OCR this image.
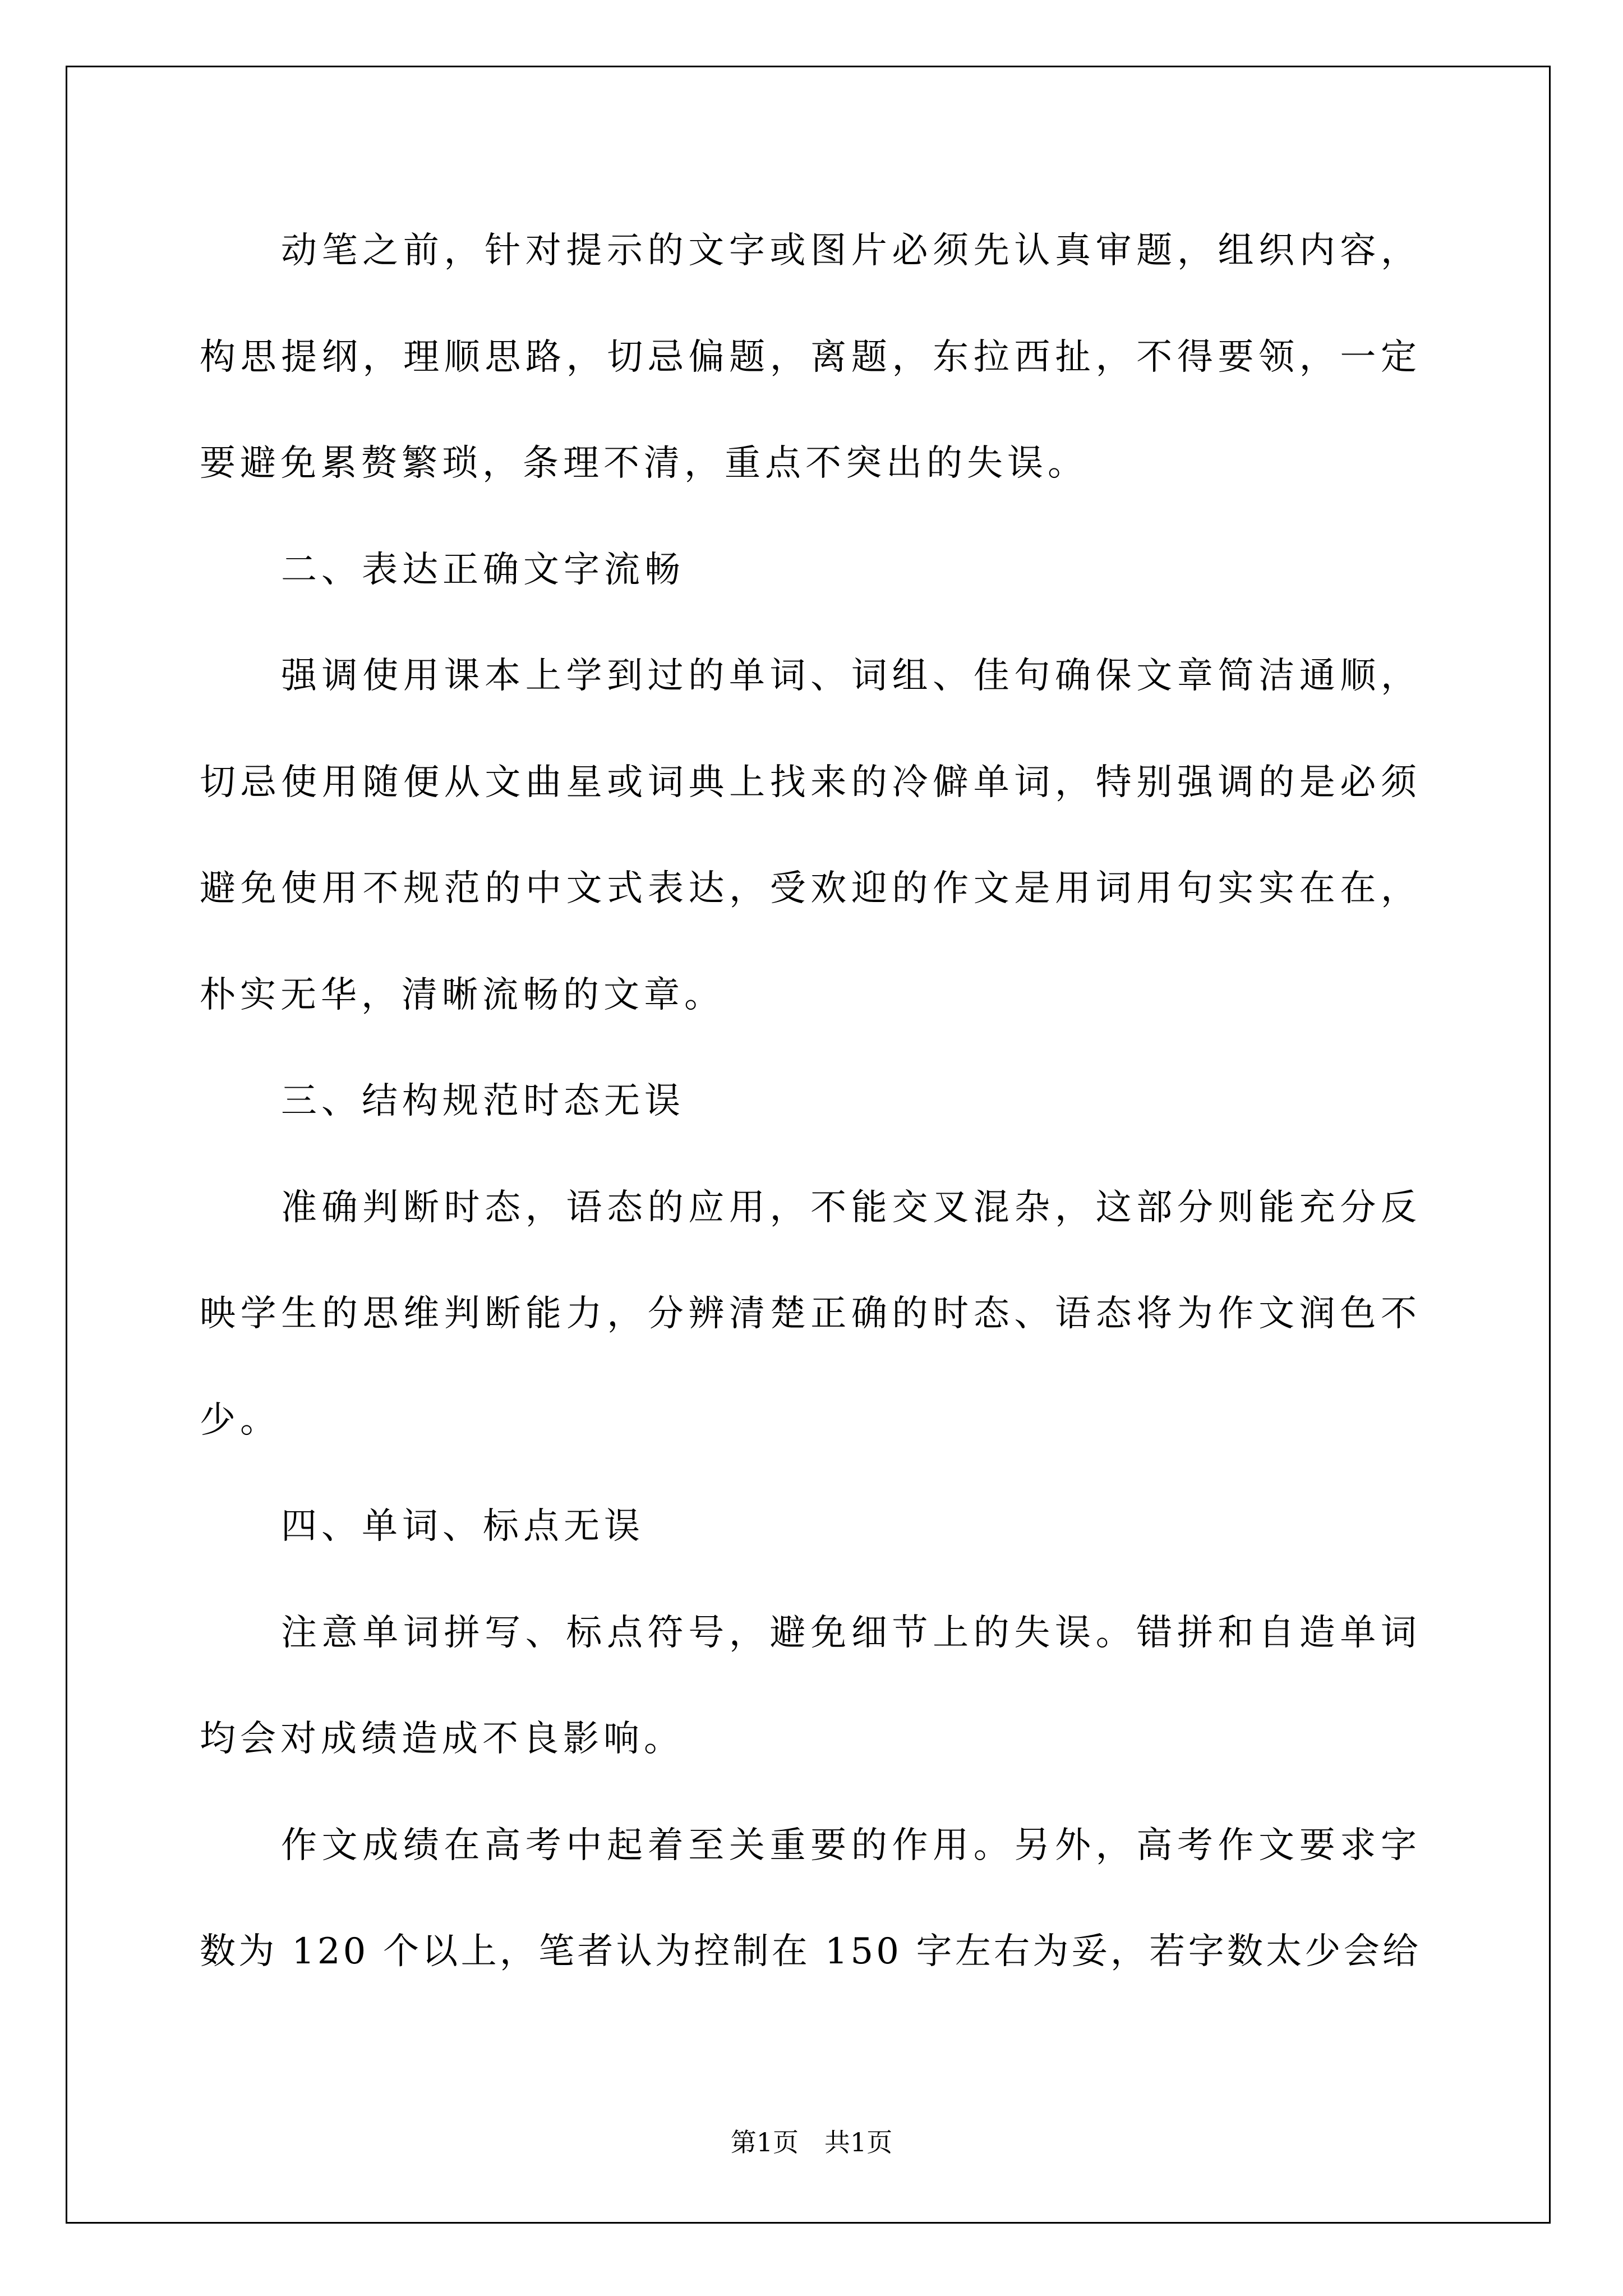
动笔之前，针对提示的文字或图片必须先认真审题，组织内容，
构思提纲，理顺思路，切忌偏题，离题，东拉西扯，不得要领，一定
要避免累赘繁琐，条理不清，重点不突出的失误。
二、表达正确文字流畅
强调使用课本上学到过的单词、词组、佳句确保文章简洁通顺，
切忌使用随便从文曲星或词典上找来的冷僻单词，特别强调的是必须
避免使用不规范的中文式表达，受欢迎的作文是用词用句实实在在，
朴实无华，清晰流畅的文章。
三、结构规范时态无误
准确判断时态，语态的应用，不能交叉混杂，这部分则能充分反
映学生的思维判断能力，分辨清楚正确的时态、语态将为作文润色不
少。
四、单词、标点无误
注意单词拼写、标点符号，避免细节上的失误。错拼和自造单词
均会对成绩造成不良影响。
作文成绩在高考中起着至关重要的作用。另外，高考作文要求字
数为 120 个以上，笔者认为控制在 150 字左右为妥，若字数太少会给
第1页　共1页
